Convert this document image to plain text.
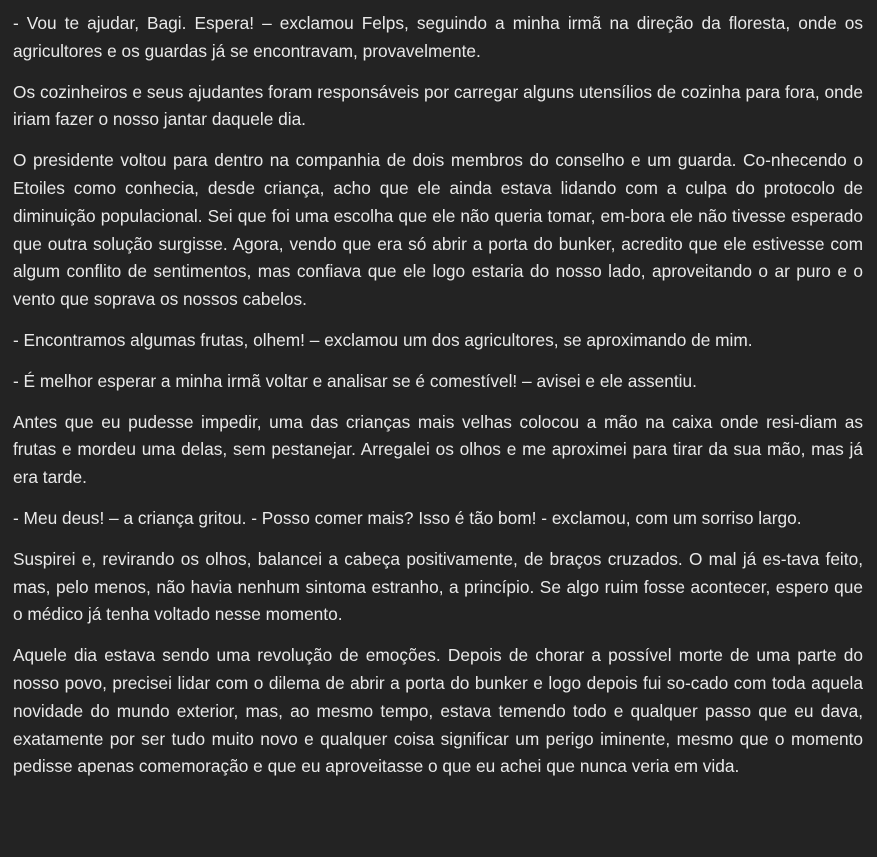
- Vou te ajudar, Bagi. Espera! – exclamou Felps, seguindo a minha irmã na direção da floresta, onde os agricultores e os guardas já se encontravam, provavelmente.

Os cozinheiros e seus ajudantes foram responsáveis por carregar alguns utensílios de cozinha para fora, onde iriam fazer o nosso jantar daquele dia.

O presidente voltou para dentro na companhia de dois membros do conselho e um guarda. Co-nhecendo o Etoiles como conhecia, desde criança, acho que ele ainda estava lidando com a culpa do protocolo de diminuição populacional. Sei que foi uma escolha que ele não queria tomar, em-bora ele não tivesse esperado que outra solução surgisse. Agora, vendo que era só abrir a porta do bunker, acredito que ele estivesse com algum conflito de sentimentos, mas confiava que ele logo estaria do nosso lado, aproveitando o ar puro e o vento que soprava os nossos cabelos.

- Encontramos algumas frutas, olhem! – exclamou um dos agricultores, se aproximando de mim.

- É melhor esperar a minha irmã voltar e analisar se é comestível! – avisei e ele assentiu.

Antes que eu pudesse impedir, uma das crianças mais velhas colocou a mão na caixa onde resi-diam as frutas e mordeu uma delas, sem pestanejar. Arregalei os olhos e me aproximei para tirar da sua mão, mas já era tarde.

- Meu deus! – a criança gritou. - Posso comer mais? Isso é tão bom! - exclamou, com um sorriso largo.

Suspirei e, revirando os olhos, balancei a cabeça positivamente, de braços cruzados. O mal já es-tava feito, mas, pelo menos, não havia nenhum sintoma estranho, a princípio. Se algo ruim fosse acontecer, espero que o médico já tenha voltado nesse momento.

Aquele dia estava sendo uma revolução de emoções. Depois de chorar a possível morte de uma parte do nosso povo, precisei lidar com o dilema de abrir a porta do bunker e logo depois fui so-cado com toda aquela novidade do mundo exterior, mas, ao mesmo tempo, estava temendo todo e qualquer passo que eu dava, exatamente por ser tudo muito novo e qualquer coisa significar um perigo iminente, mesmo que o momento pedisse apenas comemoração e que eu aproveitasse o que eu achei que nunca veria em vida.
